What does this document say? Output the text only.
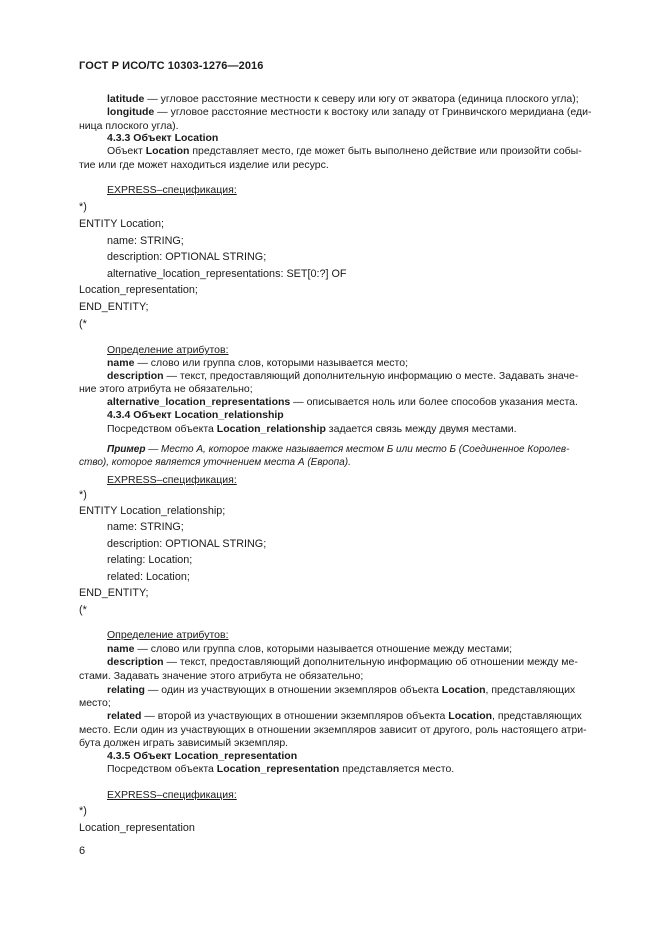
ГОСТ Р ИСО/ТС 10303-1276—2016
latitude — угловое расстояние местности к северу или югу от экватора (единица плоского угла);
longitude — угловое расстояние местности к востоку или западу от Гринвичского меридиана (еди-
ница плоского угла).
4.3.3 Объект Location
Объект Location представляет место, где может быть выполнено действие или произойти собы-
тие или где может находиться изделие или ресурс.
EXPRESS–спецификация:
*)
ENTITY Location;
name: STRING;
description: OPTIONAL STRING;
alternative_location_representations: SET[0:?] OF
Location_representation;
END_ENTITY;
(*
Определение атрибутов:
name — слово или группа слов, которыми называется место;
description — текст, предоставляющий дополнительную информацию о месте. Задавать значе-
ние этого атрибута не обязательно;
alternative_location_representations — описывается ноль или более способов указания места.
4.3.4 Объект Location_relationship
Посредством объекта Location_relationship задается связь между двумя местами.
Пример — Место А, которое также называется местом Б или место Б (Соединенное Королев-
ство), которое является уточнением места А (Европа).
EXPRESS–спецификация:
*)
ENTITY Location_relationship;
name: STRING;
description: OPTIONAL STRING;
relating: Location;
related: Location;
END_ENTITY;
(*
Определение атрибутов:
name — слово или группа слов, которыми называется отношение между местами;
description — текст, предоставляющий дополнительную информацию об отношении между ме-
стами. Задавать значение этого атрибута не обязательно;
relating — один из участвующих в отношении экземпляров объекта Location, представляющих
место;
related — второй из участвующих в отношении экземпляров объекта Location, представляющих
место. Если один из участвующих в отношении экземпляров зависит от другого, роль настоящего атри-
бута должен играть зависимый экземпляр.
4.3.5 Объект Location_representation
Посредством объекта Location_representation представляется место.
EXPRESS–спецификация:
*)
Location_representation
6
